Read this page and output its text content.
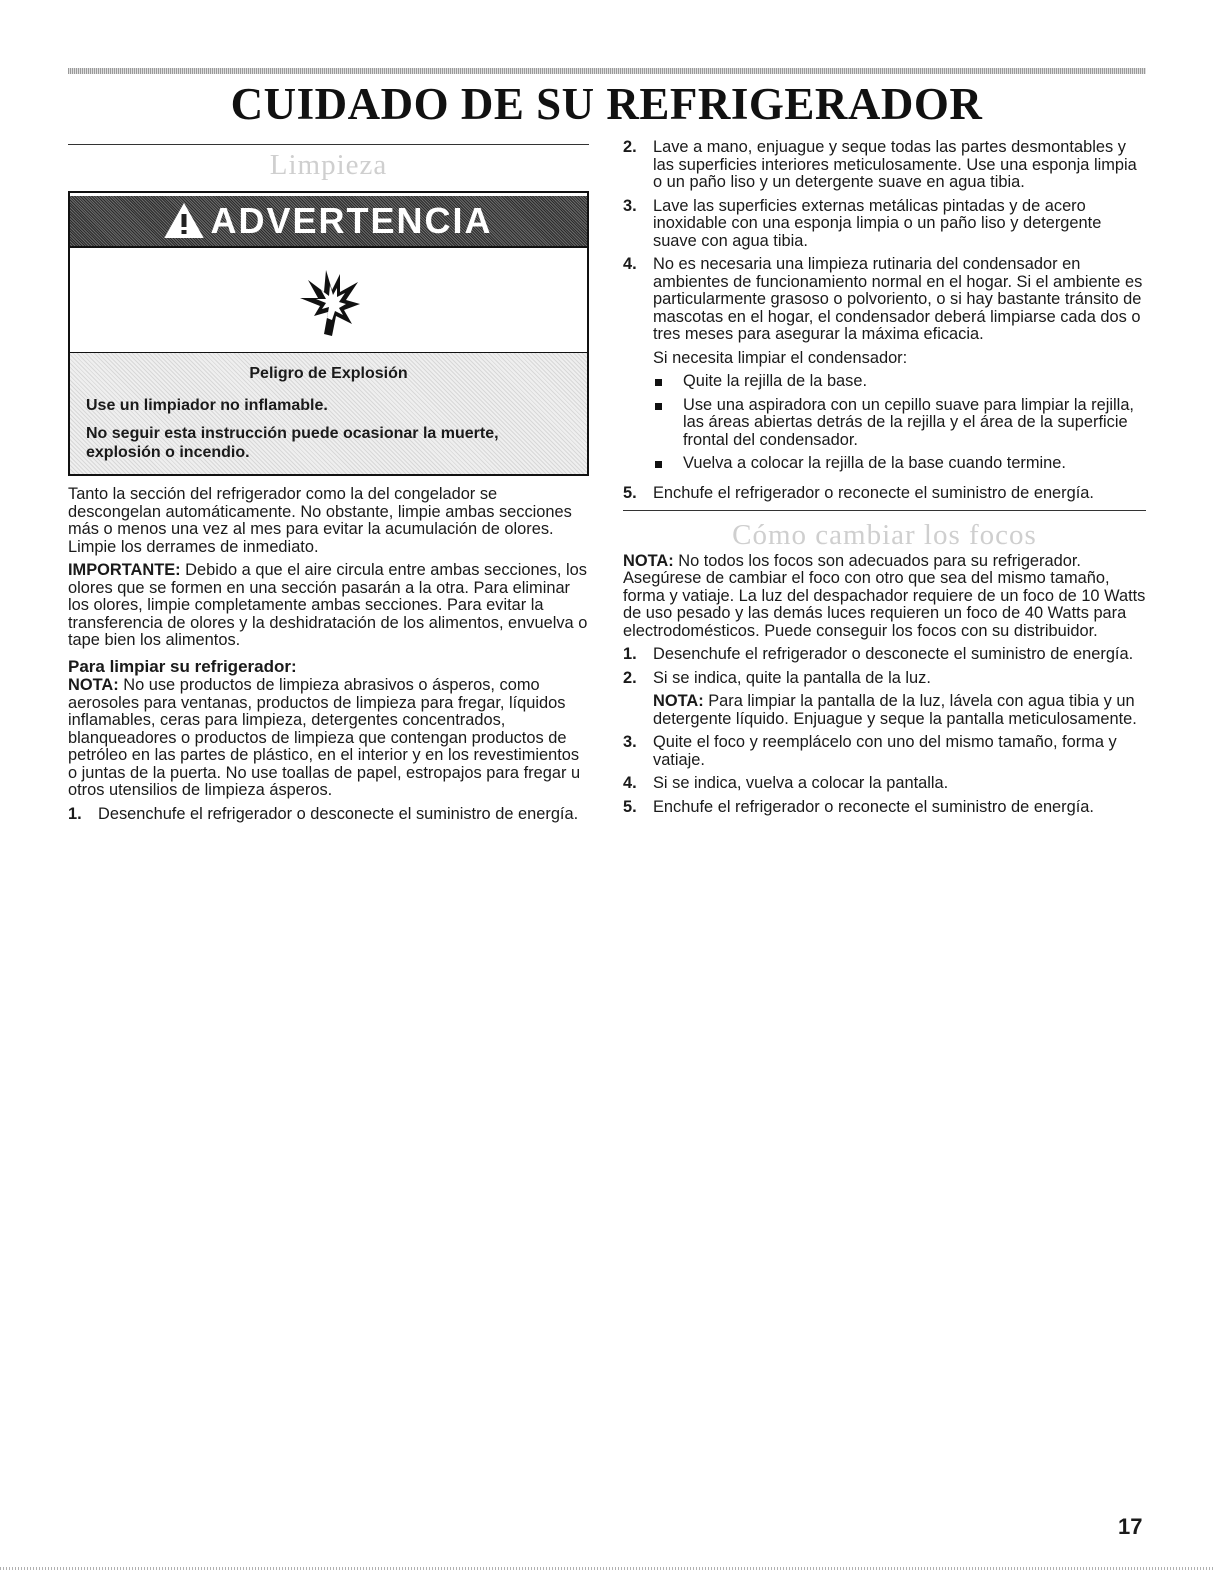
CUIDADO DE SU REFRIGERADOR
Limpieza
ADVERTENCIA
Peligro de Explosión
Use un limpiador no inflamable.
No seguir esta instrucción puede ocasionar la muerte, explosión o incendio.

Tanto la sección del refrigerador como la del congelador se descongelan automáticamente. No obstante, limpie ambas secciones más o menos una vez al mes para evitar la acumulación de olores. Limpie los derrames de inmediato.

IMPORTANTE: Debido a que el aire circula entre ambas secciones, los olores que se formen en una sección pasarán a la otra. Para eliminar los olores, limpie completamente ambas secciones. Para evitar la transferencia de olores y la deshidratación de los alimentos, envuelva o tape bien los alimentos.

Para limpiar su refrigerador:

NOTA: No use productos de limpieza abrasivos o ásperos, como aerosoles para ventanas, productos de limpieza para fregar, líquidos inflamables, ceras para limpieza, detergentes concentrados, blanqueadores o productos de limpieza que contengan productos de petróleo en las partes de plástico, en el interior y en los revestimientos o juntas de la puerta. No use toallas de papel, estropajos para fregar u otros utensilios de limpieza ásperos.

1. Desenchufe el refrigerador o desconecte el suministro de energía.
2. Lave a mano, enjuague y seque todas las partes desmontables y las superficies interiores meticulosamente. Use una esponja limpia o un paño liso y un detergente suave en agua tibia.
3. Lave las superficies externas metálicas pintadas y de acero inoxidable con una esponja limpia o un paño liso y detergente suave con agua tibia.
4. No es necesaria una limpieza rutinaria del condensador en ambientes de funcionamiento normal en el hogar. Si el ambiente es particularmente grasoso o polvoriento, o si hay bastante tránsito de mascotas en el hogar, el condensador deberá limpiarse cada dos o tres meses para asegurar la máxima eficacia.
Si necesita limpiar el condensador:
Quite la rejilla de la base.
Use una aspiradora con un cepillo suave para limpiar la rejilla, las áreas abiertas detrás de la rejilla y el área de la superficie frontal del condensador.
Vuelva a colocar la rejilla de la base cuando termine.
5. Enchufe el refrigerador o reconecte el suministro de energía.
Cómo cambiar los focos

NOTA: No todos los focos son adecuados para su refrigerador. Asegúrese de cambiar el foco con otro que sea del mismo tamaño, forma y vatiaje. La luz del despachador requiere de un foco de 10 Watts de uso pesado y las demás luces requieren un foco de 40 Watts para electrodomésticos. Puede conseguir los focos con su distribuidor.

1. Desenchufe el refrigerador o desconecte el suministro de energía.
2. Si se indica, quite la pantalla de la luz.
NOTA: Para limpiar la pantalla de la luz, lávela con agua tibia y un detergente líquido. Enjuague y seque la pantalla meticulosamente.
3. Quite el foco y reemplácelo con uno del mismo tamaño, forma y vatiaje.
4. Si se indica, vuelva a colocar la pantalla.
5. Enchufe el refrigerador o reconecte el suministro de energía.
17
